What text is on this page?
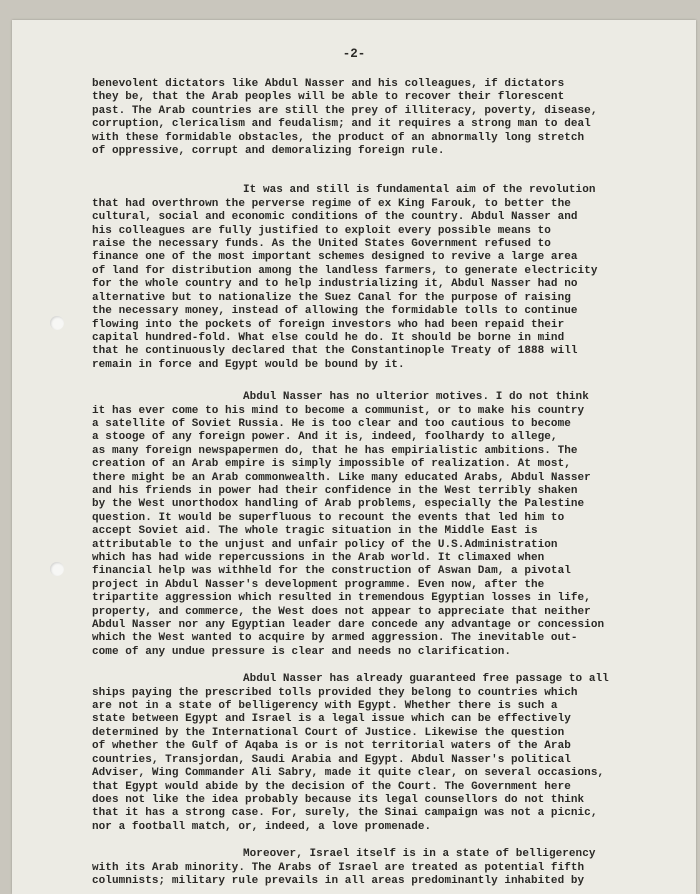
-2-
benevolent dictators like Abdul Nasser and his colleagues, if dictators
they be, that the Arab peoples will be able to recover their florescent
past. The Arab countries are still the prey of illiteracy, poverty, disease,
corruption, clericalism and feudalism; and it requires a strong man to deal
with these formidable obstacles, the product of an abnormally long stretch
of oppressive, corrupt and demoralizing foreign rule.
It was and still is fundamental aim of the revolution
that had overthrown the perverse regime of ex King Farouk, to better the
cultural, social and economic conditions of the country. Abdul Nasser and
his colleagues are fully justified to exploit every possible means to
raise the necessary funds. As the United States Government refused to
finance one of the most important schemes designed to revive a large area
of land for distribution among the landless farmers, to generate electricity
for the whole country and to help industrializing it, Abdul Nasser had no
alternative but to nationalize the Suez Canal for the purpose of raising
the necessary money, instead of allowing the formidable tolls to continue
flowing into the pockets of foreign investors who had been repaid their
capital hundred-fold. What else could he do. It should be borne in mind
that he continuously declared that the Constantinople Treaty of 1888 will
remain in force and Egypt would be bound by it.
Abdul Nasser has no ulterior motives. I do not think
it has ever come to his mind to become a communist, or to make his country
a satellite of Soviet Russia. He is too clear and too cautious to become
a stooge of any foreign power. And it is, indeed, foolhardy to allege,
as many foreign newspapermen do, that he has empirialistic ambitions. The
creation of an Arab empire is simply impossible of realization. At most,
there might be an Arab commonwealth. Like many educated Arabs, Abdul Nasser
and his friends in power had their confidence in the West terribly shaken
by the West unorthodox handling of Arab problems, especially the Palestine
question. It would be superfluous to recount the events that led him to
accept Soviet aid. The whole tragic situation in the Middle East is
attributable to the unjust and unfair policy of the U.S.Administration
which has had wide repercussions in the Arab world. It climaxed when
financial help was withheld for the construction of Aswan Dam, a pivotal
project in Abdul Nasser's development programme. Even now, after the
tripartite aggression which resulted in tremendous Egyptian losses in life,
property, and commerce, the West does not appear to appreciate that neither
Abdul Nasser nor any Egyptian leader dare concede any advantage or concession
which the West wanted to acquire by armed aggression. The inevitable out-
come of any undue pressure is clear and needs no clarification.
Abdul Nasser has already guaranteed free passage to all
ships paying the prescribed tolls provided they belong to countries which
are not in a state of belligerency with Egypt. Whether there is such a
state between Egypt and Israel is a legal issue which can be effectively
determined by the International Court of Justice. Likewise the question
of whether the Gulf of Aqaba is or is not territorial waters of the Arab
countries, Transjordan, Saudi Arabia and Egypt. Abdul Nasser's political
Adviser, Wing Commander Ali Sabry, made it quite clear, on several occasions,
that Egypt would abide by the decision of the Court. The Government here
does not like the idea probably because its legal counsellors do not think
that it has a strong case. For, surely, the Sinai campaign was not a picnic,
nor a football match, or, indeed, a love promenade.
Moreover, Israel itself is in a state of belligerency
with its Arab minority. The Arabs of Israel are treated as potential fifth
columnists; military rule prevails in all areas predominantly inhabited by
